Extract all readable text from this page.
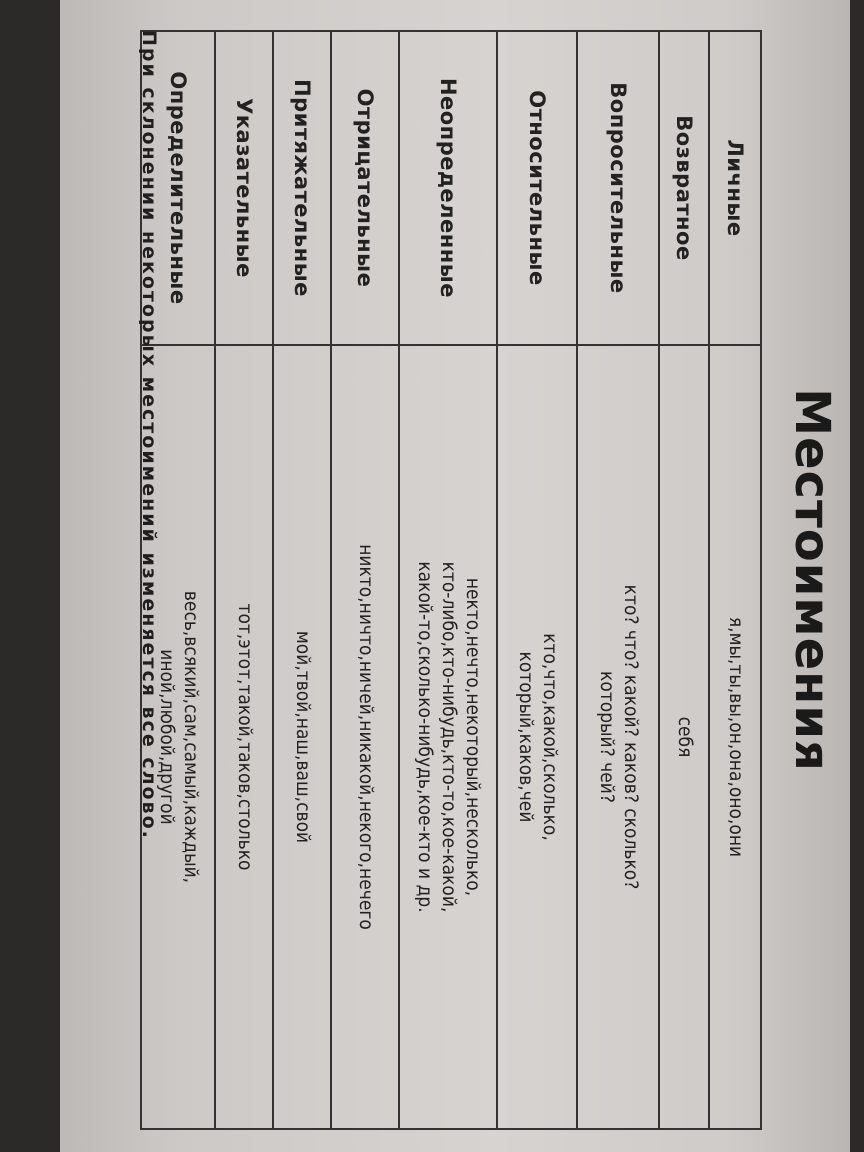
Местоимения
Личные	я,мы,ты,вы,он,она,оно,они

Возвратное	себя

Вопросительные	кто? что? какой? каков? сколько?
который? чей?

Относительные	кто,что,какой,сколько,
который,каков,чей

Неопределенные	некто,нечто,некоторый,несколько,
кто-либо,кто-нибудь,кто-то,кое-какой,
какой-то,сколько-нибудь,кое-кто и др.

Отрицательные	никто,ничто,ничей,никакой,некого,нечего

Притяжательные	мой,твой,наш,ваш,свой

Указательные	тот,этот,такой,таков,столько

Определительные	весь,всякий,сам,самый,каждый,
иной,любой,другой
При склонении некоторых местоимений изменяется все слово.
